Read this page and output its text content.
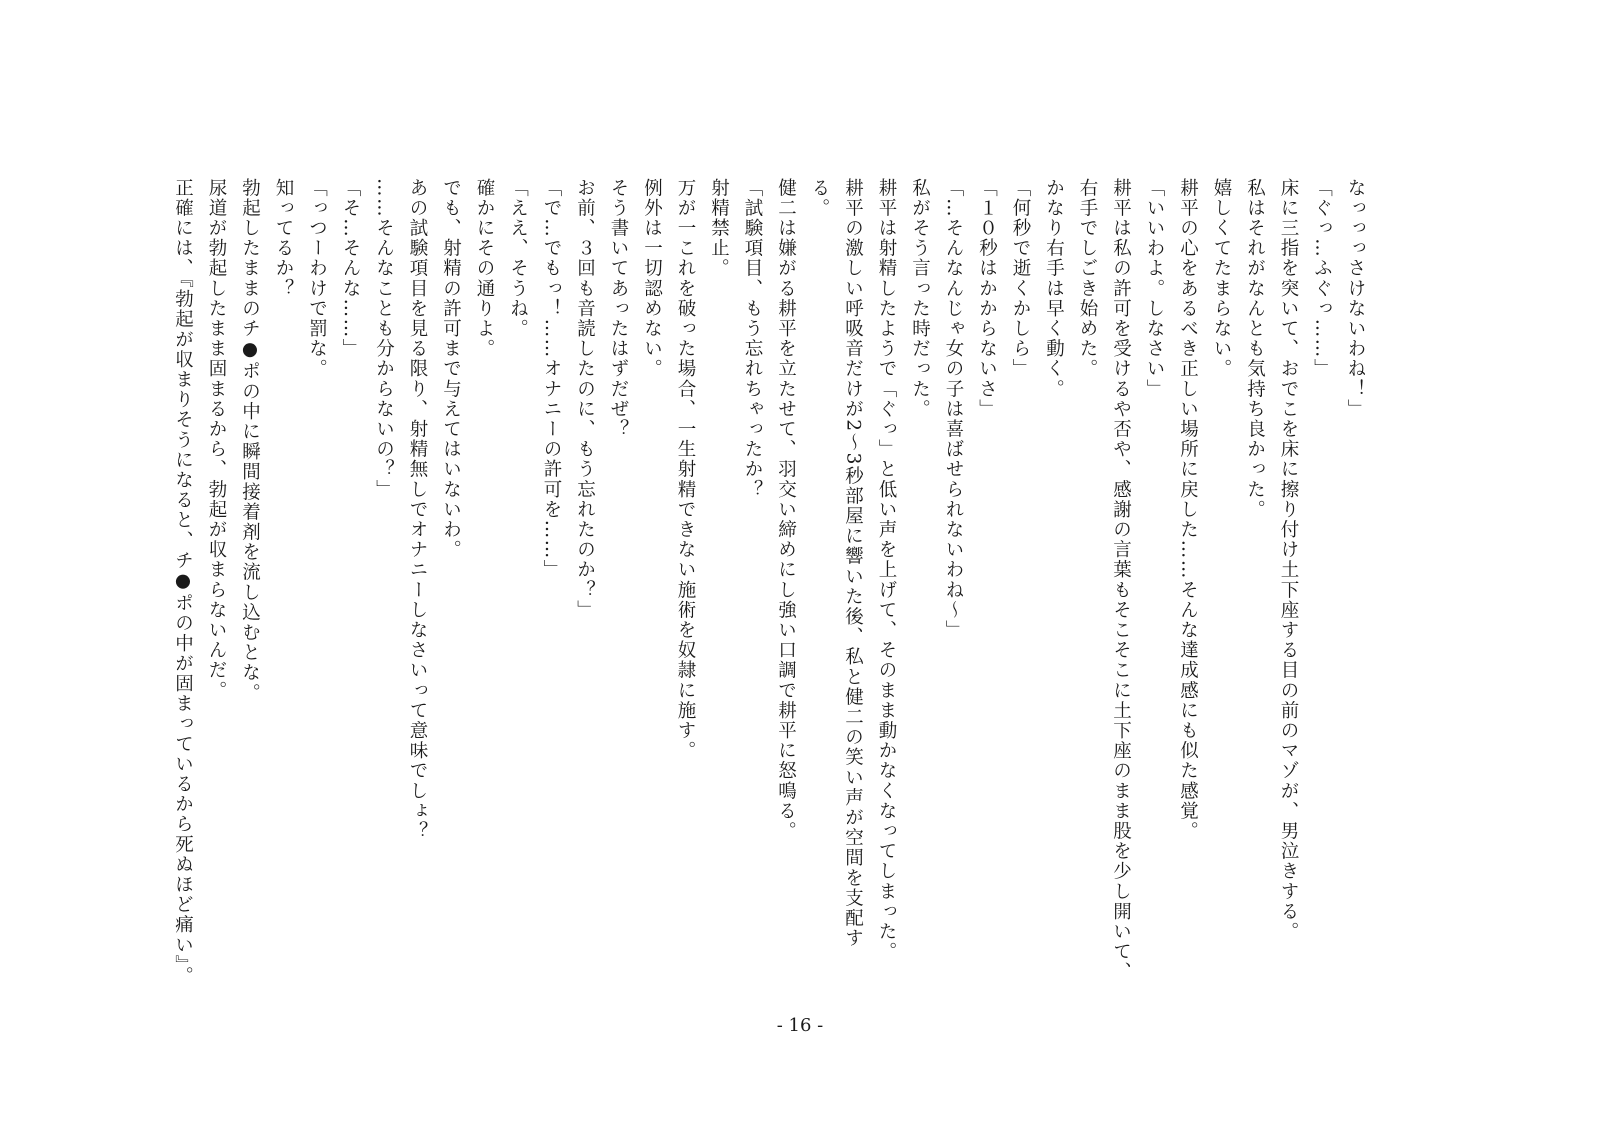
なっっっさけないわね！」
「ぐっ…ふぐっ……」
床に三指を突いて、おでこを床に擦り付け土下座する目の前のマゾが、男泣きする。
私はそれがなんとも気持ち良かった。
嬉しくてたまらない。
耕平の心をあるべき正しい場所に戻した……そんな達成感にも似た感覚。
「いいわよ。しなさい」
耕平は私の許可を受けるや否や、感謝の言葉もそこそこに土下座のまま股を少し開いて、
右手でしごき始めた。
かなり右手は早く動く。
「何秒で逝くかしら」
「１０秒はかからないさ」
「…そんなんじゃ女の子は喜ばせられないわね～」
私がそう言った時だった。
耕平は射精したようで「ぐっ」と低い声を上げて、そのまま動かなくなってしまった。
耕平の激しい呼吸音だけが2～3秒部屋に響いた後、私と健二の笑い声が空間を支配す
る。
健二は嫌がる耕平を立たせて、羽交い締めにし強い口調で耕平に怒鳴る。
「試験項目、もう忘れちゃったか？
射精禁止。
万が一これを破った場合、一生射精できない施術を奴隷に施す。
例外は一切認めない。
そう書いてあったはずだぜ？
お前、３回も音読したのに、もう忘れたのか？」
「で…でもっ！……オナニーの許可を……」
「ええ、そうね。
確かにその通りよ。
でも、射精の許可まで与えてはいないわ。
あの試験項目を見る限り、射精無しでオナニーしなさいって意味でしょ？
……そんなことも分からないの？」
「そ…そんな……」
「っつーわけで罰な。
知ってるか？
勃起したままのチ●ポの中に瞬間接着剤を流し込むとな。
尿道が勃起したまま固まるから、勃起が収まらないんだ。
正確には、『勃起が収まりそうになると、チ●ポの中が固まっているから死ぬほど痛い』。
- 16 -
